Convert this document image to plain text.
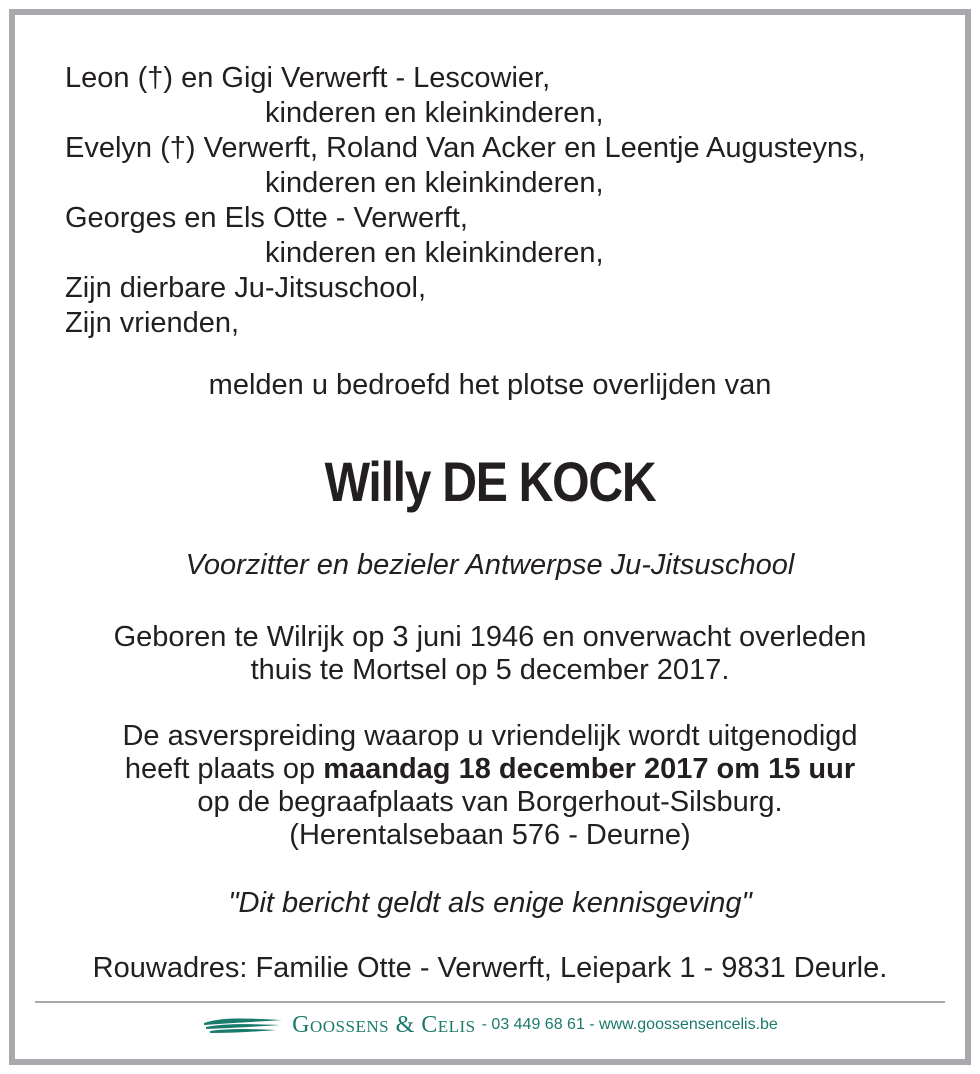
Leon (†) en Gigi Verwerft - Lescowier,
kinderen en kleinkinderen,
Evelyn (†) Verwerft, Roland Van Acker en Leentje Augusteyns,
kinderen en kleinkinderen,
Georges en Els Otte - Verwerft,
kinderen en kleinkinderen,
Zijn dierbare Ju-Jitsuschool,
Zijn vrienden,
melden u bedroefd het plotse overlijden van
Willy DE KOCK
Voorzitter en bezieler Antwerpse Ju-Jitsuschool
Geboren te Wilrijk op 3 juni 1946 en onverwacht overleden
thuis te Mortsel op 5 december 2017.
De asverspreiding waarop u vriendelijk wordt uitgenodigd
heeft plaats op maandag 18 december 2017 om 15 uur
op de begraafplaats van Borgerhout-Silsburg.
(Herentalsebaan 576 - Deurne)
"Dit bericht geldt als enige kennisgeving"
Rouwadres: Familie Otte - Verwerft, Leiepark 1 - 9831 Deurle.
Goossens & Celis - 03 449 68 61 - www.goossensencelis.be
